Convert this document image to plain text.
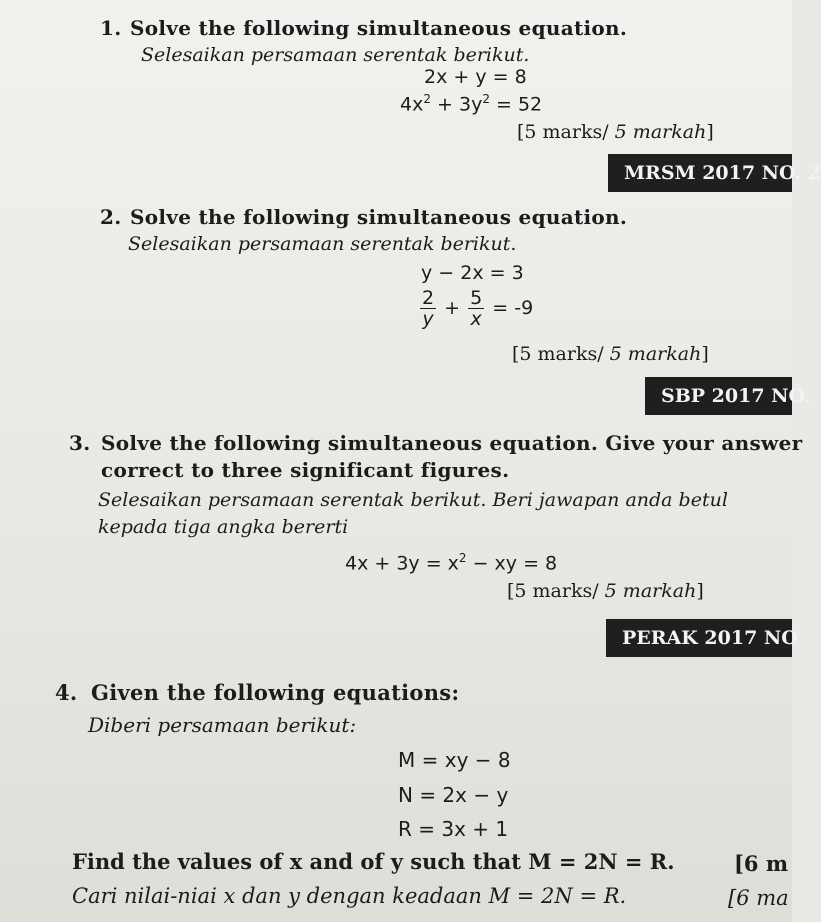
1. Solve the following simultaneous equation.
Selesaikan persamaan serentak berikut.
2x + y = 8
$4x^2 + 3y^2 = 52$
[5 marks/ 5 markah]
MRSM 2017 NO. 2
2. Solve the following simultaneous equation.
Selesaikan persamaan serentak berikut.
y − 2x = 3
$\frac{2}{y} + \frac{5}{x} = -9$
[5 marks/ 5 markah]
SBP 2017 NO.
3. Solve the following simultaneous equation. Give your answer
correct to three significant figures.
Selesaikan persamaan serentak berikut. Beri jawapan anda betul
kepada tiga angka bererti
$4x + 3y = x^2$ − xy = 8
[5 marks/ 5 markah]
PERAK 2017 NO
4. Given the following equations:
Diberi persamaan berikut:
M = xy − 8
N = 2x − y
R = 3x + 1
Find the values of x and of y such that M = 2N = R.	[6 m
Cari nilai-niai x dan y dengan keadaan M = 2N = R.	[6 ma
